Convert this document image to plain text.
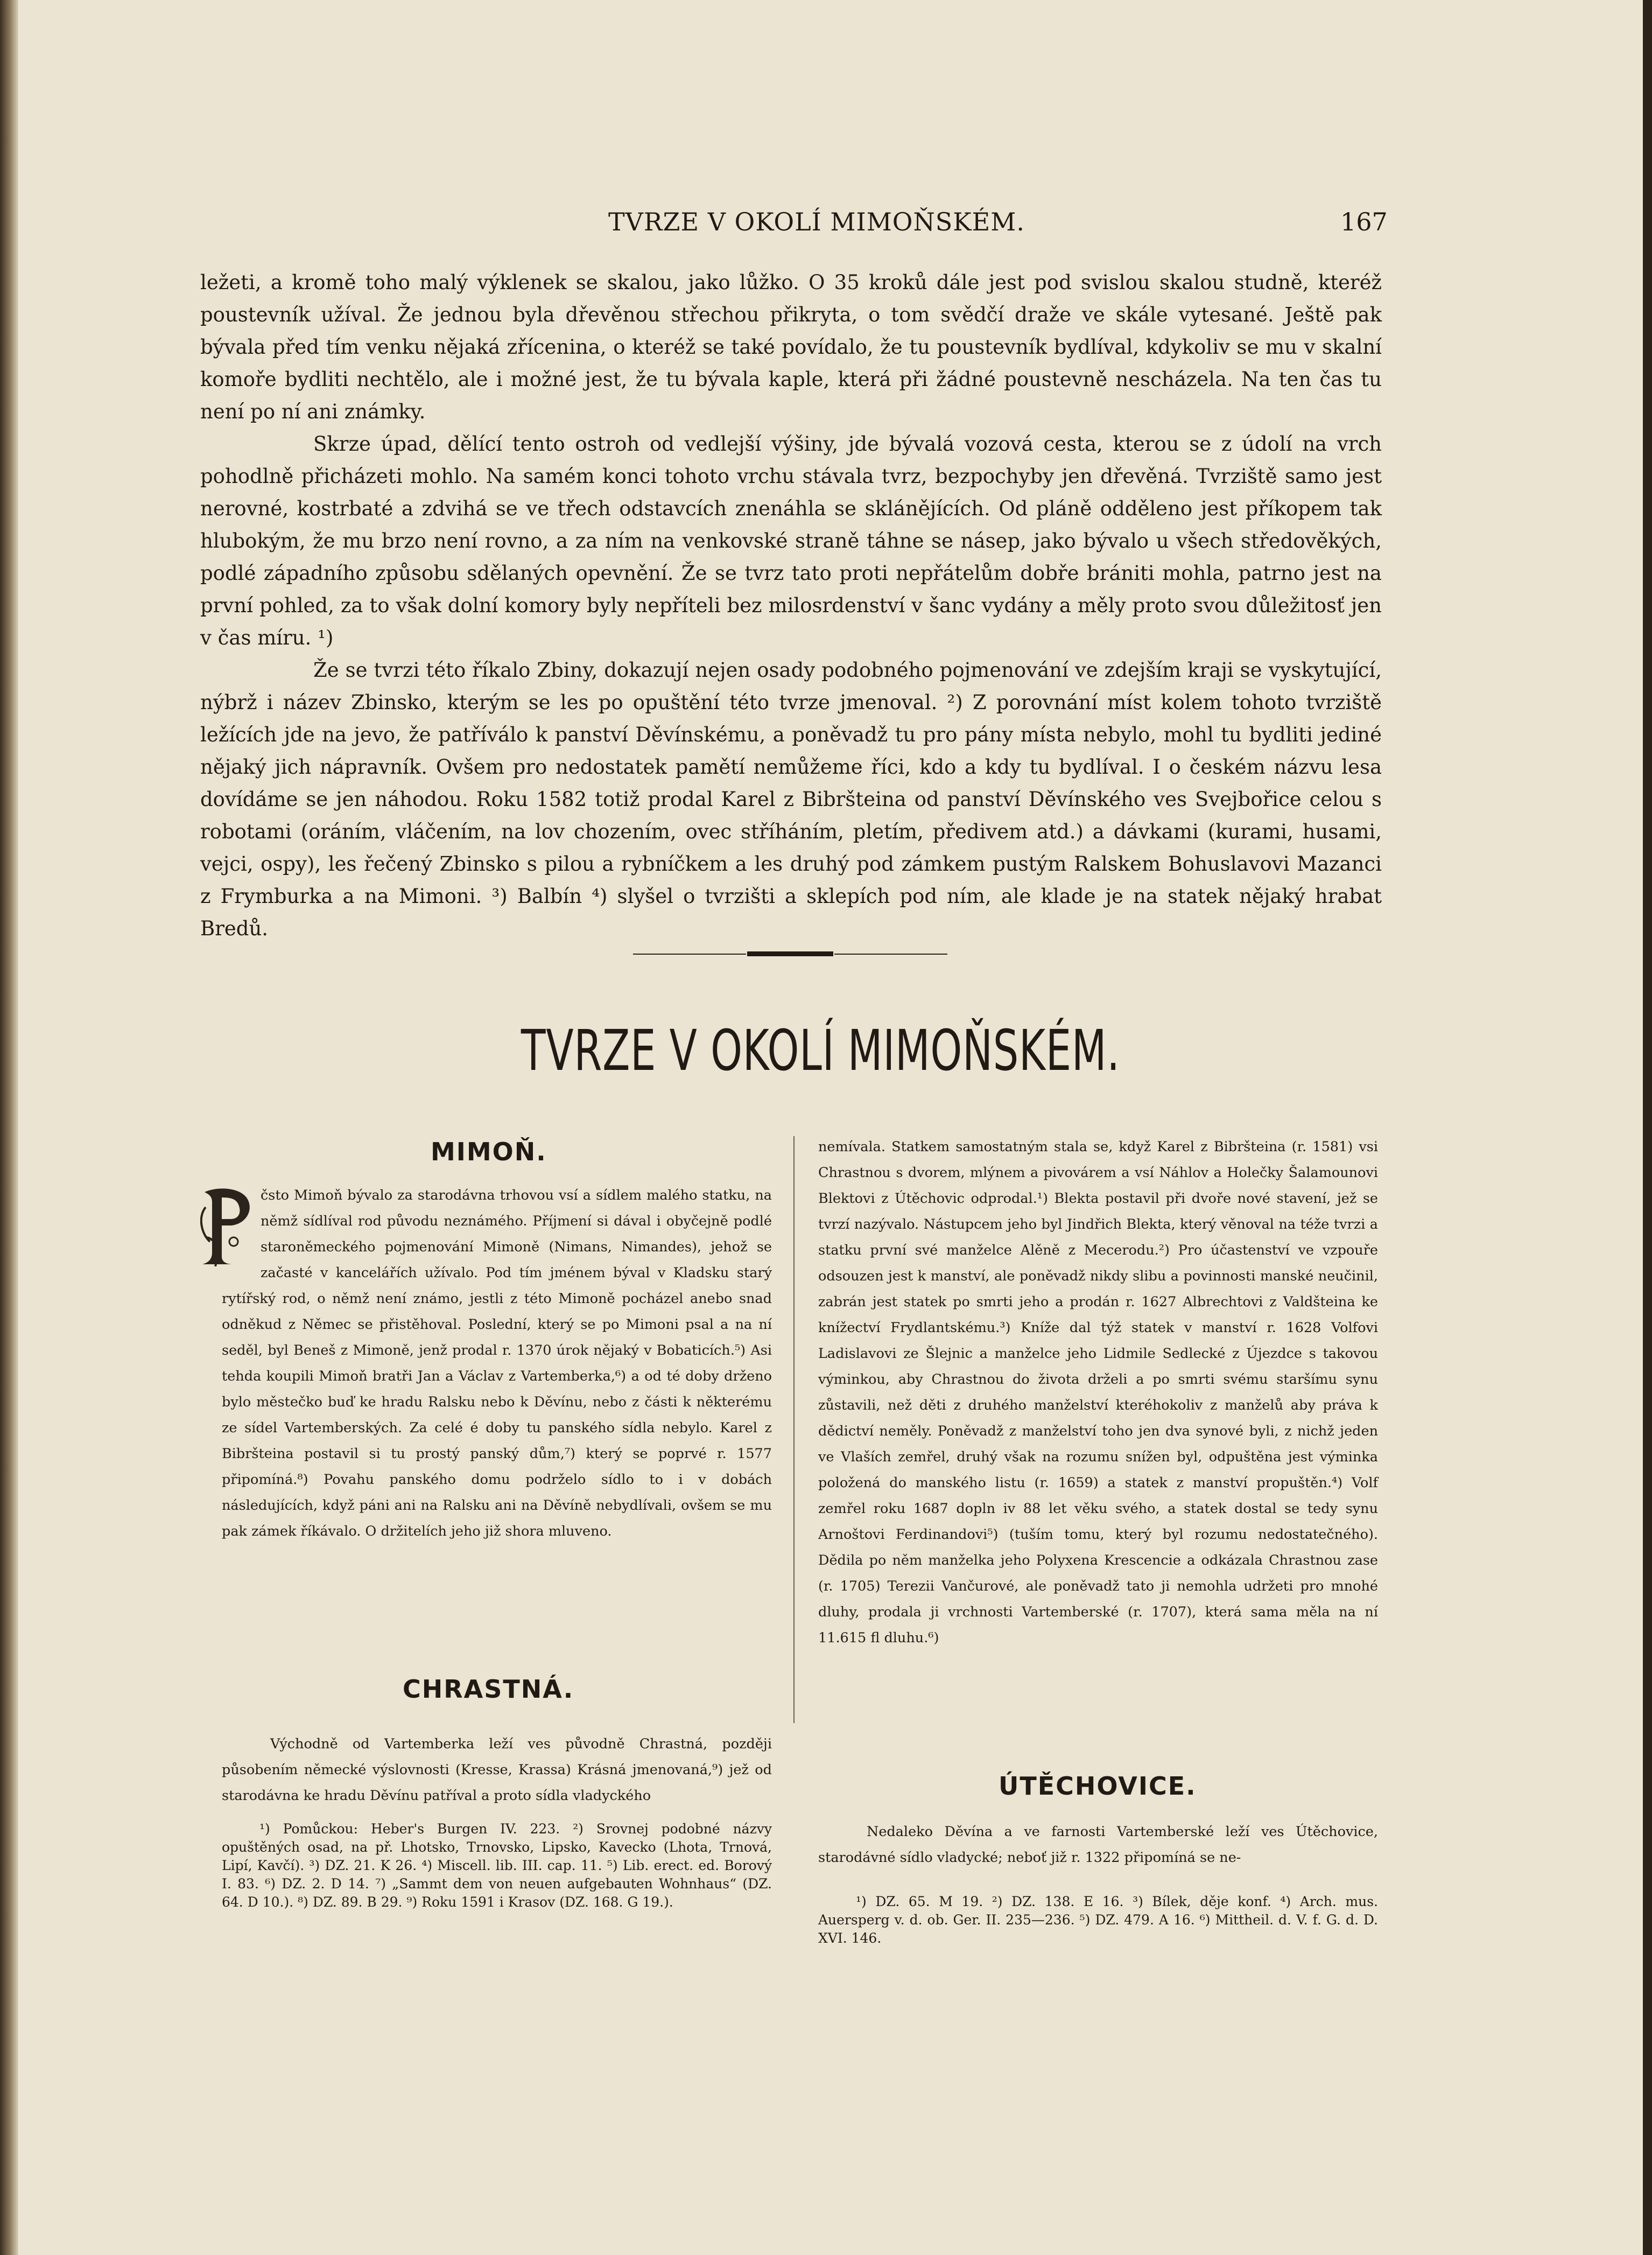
TVRZE V OKOLÍ MIMOŇSKÉM.	167

ležeti, a kromě toho malý výklenek se skalou, jako lůžko. O 35 kroků dále jest pod svislou skalou studně, kteréž poustevník užíval. Že jednou byla dřevěnou střechou přikryta, o tom svědčí draže ve skále vytesané. Ještě pak bývala před tím venku nějaká zřícenina, o kteréž se také povídalo, že tu poustevník bydlíval, kdykoliv se mu v skalní komoře bydliti nechtělo, ale i možné jest, že tu bývala kaple, která při žádné poustevně nescházela. Na ten čas tu není po ní ani známky.

Skrze úpad, dělící tento ostroh od vedlejší výšiny, jde bývalá vozová cesta, kterou se z údolí na vrch pohodlně přicházeti mohlo. Na samém konci tohoto vrchu stávala tvrz, bezpochyby jen dřevěná. Tvrziště samo jest nerovné, kostrbaté a zdvihá se ve třech odstavcích znenáhla se sklánějících. Od pláně odděleno jest příkopem tak hlubokým, že mu brzo není rovno, a za ním na venkovské straně táhne se násep, jako bývalo u všech středověkých, podlé západního způsobu sdělaných opevnění. Že se tvrz tato proti nepřátelům dobře brániti mohla, patrno jest na první pohled, za to však dolní komory byly nepříteli bez milosrdenství v šanc vydány a měly proto svou důležitosť jen v čas míru. ¹)

Že se tvrzi této říkalo Zbiny, dokazují nejen osady podobného pojmenování ve zdejším kraji se vyskytující, nýbrž i název Zbinsko, kterým se les po opuštění této tvrze jmenoval. ²) Z porovnání míst kolem tohoto tvrziště ležících jde na jevo, že patříválo k panství Děvínskému, a poněvadž tu pro pány místa nebylo, mohl tu bydliti jediné nějaký jich nápravník. Ovšem pro nedostatek pamětí nemůžeme říci, kdo a kdy tu bydlíval. I o českém názvu lesa dovídáme se jen náhodou. Roku 1582 totiž prodal Karel z Bibršteina od panství Děvínského ves Svejbořice celou s robotami (oráním, vláčením, na lov chozením, ovec stříháním, pletím, předivem atd.) a dávkami (kurami, husami, vejci, ospy), les řečený Zbinsko s pilou a rybníčkem a les druhý pod zámkem pustým Ralskem Bohuslavovi Mazanci z Frymburka a na Mimoni. ³) Balbín ⁴) slyšel o tvrzišti a sklepích pod ním, ale klade je na statek nějaký hrabat Bredů.

TVRZE V OKOLÍ MIMOŇSKÉM.
MIMOŇ.

čsto Mimoň bývalo za starodávna trhovou vsí a sídlem malého statku, na němž sídlíval rod původu neznámého. Příjmení si dával i obyčejně podlé staroněmeckého pojmenování Mimoně (Nimans, Nimandes), jehož se začasté v kancelářích užívalo. Pod tím jménem býval v Kladsku starý rytířský rod, o němž není známo, jestli z této Mimoně pocházel anebo snad odněkud z Němec se přistěhoval. Poslední, který se po Mimoni psal a na ní seděl, byl Beneš z Mimoně, jenž prodal r. 1370 úrok nějaký v Bobaticích.⁵) Asi tehda koupili Mimoň bratři Jan a Václav z Vartemberka,⁶) a od té doby drženo bylo městečko buď ke hradu Ralsku nebo k Děvínu, nebo z části k některému ze sídel Vartemberských. Za celé é doby tu panského sídla nebylo. Karel z Bibršteina postavil si tu prostý panský dům,⁷) který se poprvé r. 1577 připomíná.⁸) Povahu panského domu podrželo sídlo to i v dobách následujících, když páni ani na Ralsku ani na Děvíně nebydlívali, ovšem se mu pak zámek říkávalo. O držitelích jeho již shora mluveno.

CHRASTNÁ.

Východně od Vartemberka leží ves původně Chrastná, později působením německé výslovnosti (Kresse, Krassa) Krásná jmenovaná,⁹) jež od starodávna ke hradu Děvínu patříval a proto sídla vladyckého

¹) Pomůckou: Heber's Burgen IV. 223. ²) Srovnej podobné názvy opuštěných osad, na př. Lhotsko, Trnovsko, Lipsko, Kavecko (Lhota, Trnová, Lipí, Kavčí). ³) DZ. 21. K 26. ⁴) Miscell. lib. III. cap. 11. ⁵) Lib. erect. ed. Borový I. 83. ⁶) DZ. 2. D 14. ⁷) „Sammt dem von neuen aufgebauten Wohnhaus“ (DZ. 64. D 10.). ⁸) DZ. 89. B 29. ⁹) Roku 1591 i Krasov (DZ. 168. G 19.).

nemívala. Statkem samostatným stala se, když Karel z Bibršteina (r. 1581) vsi Chrastnou s dvorem, mlýnem a pivovárem a vsí Náhlov a Holečky Šalamounovi Blektovi z Útěchovic odprodal.¹) Blekta postavil při dvoře nové stavení, jež se tvrzí nazývalo. Nástupcem jeho byl Jindřich Blekta, který věnoval na téže tvrzi a statku první své manželce Alěně z Mecerodu.²) Pro účastenství ve vzpouře odsouzen jest k manství, ale poněvadž nikdy slibu a povinnosti manské neučinil, zabrán jest statek po smrti jeho a prodán r. 1627 Albrechtovi z Valdšteina ke knížectví Frydlantskému.³) Kníže dal týž statek v manství r. 1628 Volfovi Ladislavovi ze Šlejnic a manželce jeho Lidmile Sedlecké z Újezdce s takovou výminkou, aby Chrastnou do života drželi a po smrti svému staršímu synu zůstavili, než děti z druhého manželství kteréhokoliv z manželů aby práva k dědictví neměly. Poněvadž z manželství toho jen dva synové byli, z nichž jeden ve Vlaších zemřel, druhý však na rozumu snížen byl, odpuštěna jest výminka položená do manského listu (r. 1659) a statek z manství propuštěn.⁴) Volf zemřel roku 1687 dopln iv 88 let věku svého, a statek dostal se tedy synu Arnoštovi Ferdinandovi⁵) (tuším tomu, který byl rozumu nedostatečného). Dědila po něm manželka jeho Polyxena Krescencie a odkázala Chrastnou zase (r. 1705) Terezii Vančurové, ale poněvadž tato ji nemohla udržeti pro mnohé dluhy, prodala ji vrchnosti Vartemberské (r. 1707), která sama měla na ní 11.615 fl dluhu.⁶)

ÚTĚCHOVICE.

Nedaleko Děvína a ve farnosti Vartemberské leží ves Útěchovice, starodávné sídlo vladycké; neboť již r. 1322 připomíná se ne-

¹) DZ. 65. M 19. ²) DZ. 138. E 16. ³) Bílek, děje konf. ⁴) Arch. mus. Auersperg v. d. ob. Ger. II. 235—236. ⁵) DZ. 479. A 16. ⁶) Mittheil. d. V. f. G. d. D. XVI. 146.
